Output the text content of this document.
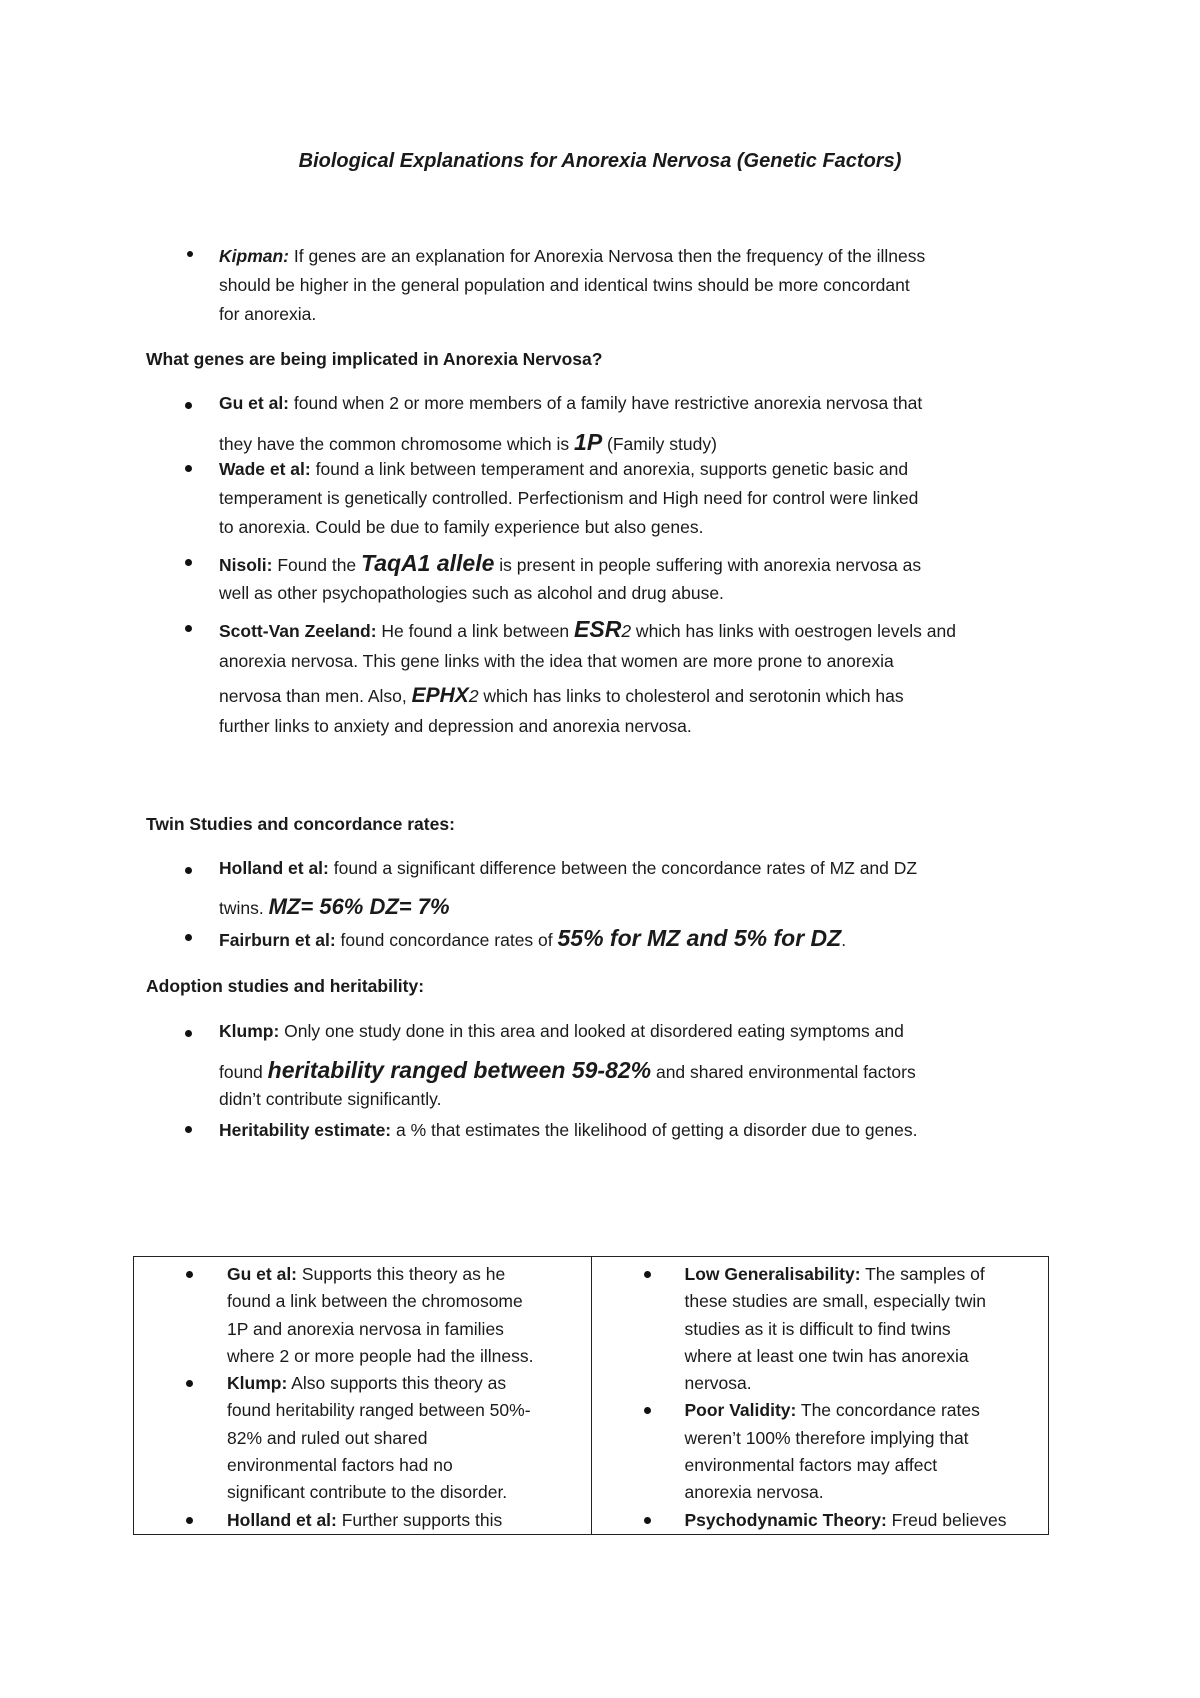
Biological Explanations for Anorexia Nervosa (Genetic Factors)
Kipman: If genes are an explanation for Anorexia Nervosa then the frequency of the illness
should be higher in the general population and identical twins should be more concordant
for anorexia.

What genes are being implicated in Anorexia Nervosa?

Gu et al: found when 2 or more members of a family have restrictive anorexia nervosa that
they have the common chromosome which is 1P (Family study)
Wade et al: found a link between temperament and anorexia, supports genetic basic and
temperament is genetically controlled. Perfectionism and High need for control were linked
to anorexia. Could be due to family experience but also genes.
Nisoli: Found the TaqA1 allele is present in people suffering with anorexia nervosa as
well as other psychopathologies such as alcohol and drug abuse.
Scott-Van Zeeland: He found a link between ESR2 which has links with oestrogen levels and
anorexia nervosa. This gene links with the idea that women are more prone to anorexia
nervosa than men. Also, EPHX2 which has links to cholesterol and serotonin which has
further links to anxiety and depression and anorexia nervosa.

Twin Studies and concordance rates:

Holland et al: found a significant difference between the concordance rates of MZ and DZ
twins. MZ= 56% DZ= 7%
Fairburn et al: found concordance rates of 55% for MZ and 5% for DZ.

Adoption studies and heritability:

Klump: Only one study done in this area and looked at disordered eating symptoms and
found heritability ranged between 59-82% and shared environmental factors
didn’t contribute significantly.
Heritability estimate: a % that estimates the likelihood of getting a disorder due to genes.
Gu et al: Supports this theory as he
found a link between the chromosome
1P and anorexia nervosa in families
where 2 or more people had the illness.
Klump: Also supports this theory as
found heritability ranged between 50%-
82% and ruled out shared
environmental factors had no
significant contribute to the disorder.
Holland et al: Further supports this

Low Generalisability: The samples of
these studies are small, especially twin
studies as it is difficult to find twins
where at least one twin has anorexia
nervosa.
Poor Validity: The concordance rates
weren’t 100% therefore implying that
environmental factors may affect
anorexia nervosa.
Psychodynamic Theory: Freud believes
